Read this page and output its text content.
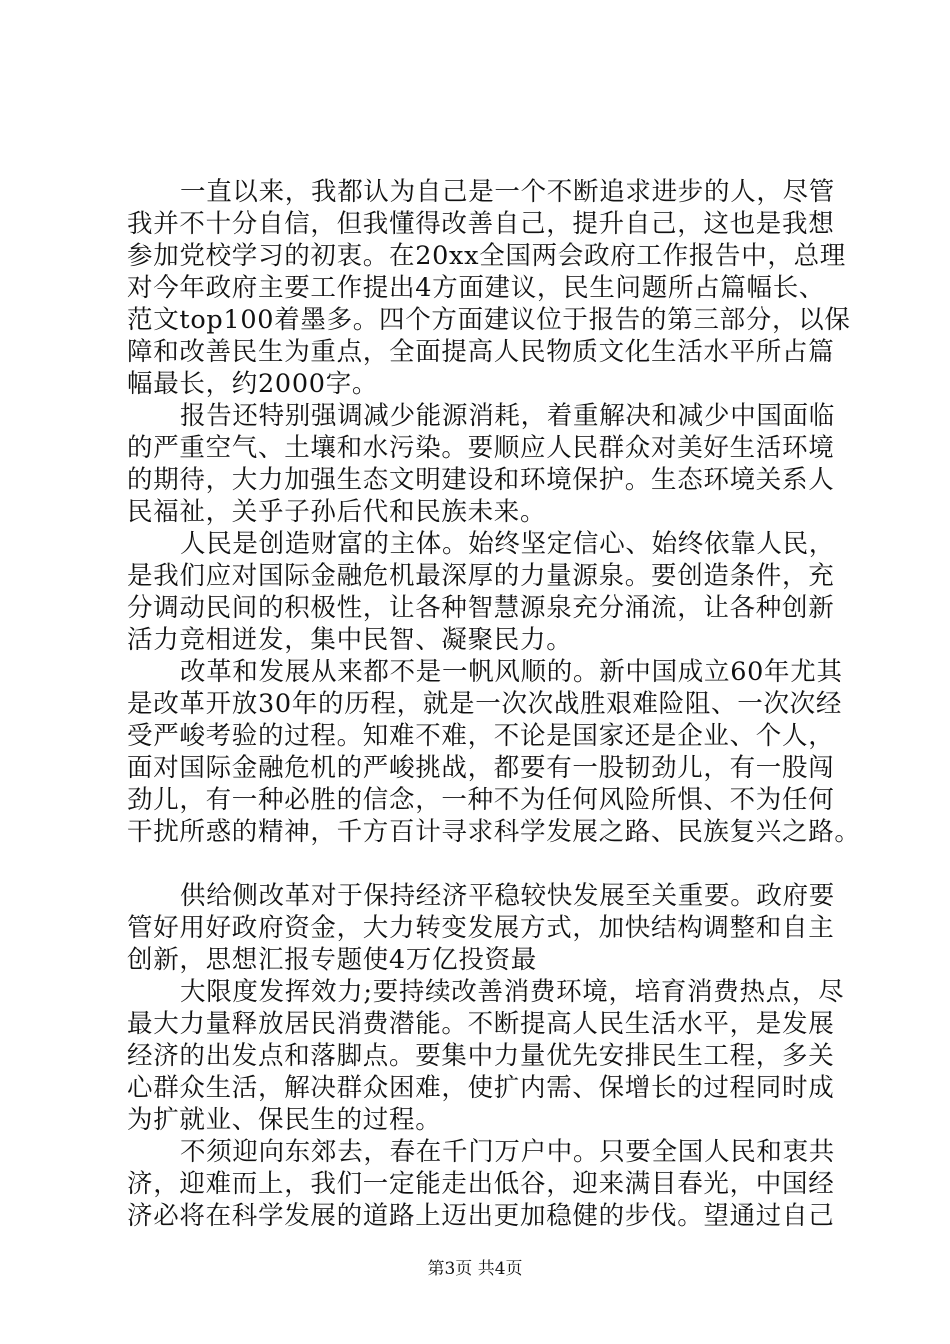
一直以来，我都认为自己是一个不断追求进步的人，尽管
我并不十分自信，但我懂得改善自己，提升自己，这也是我想
参加党校学习的初衷。在20xx全国两会政府工作报告中，总理
对今年政府主要工作提出4方面建议，民生问题所占篇幅长、
范文top100着墨多。四个方面建议位于报告的第三部分，以保
障和改善民生为重点，全面提高人民物质文化生活水平所占篇
幅最长，约2000字。
报告还特别强调减少能源消耗，着重解决和减少中国面临
的严重空气、土壤和水污染。要顺应人民群众对美好生活环境
的期待，大力加强生态文明建设和环境保护。生态环境关系人
民福祉，关乎子孙后代和民族未来。
人民是创造财富的主体。始终坚定信心、始终依靠人民，
是我们应对国际金融危机最深厚的力量源泉。要创造条件，充
分调动民间的积极性，让各种智慧源泉充分涌流，让各种创新
活力竞相迸发，集中民智、凝聚民力。
改革和发展从来都不是一帆风顺的。新中国成立60年尤其
是改革开放30年的历程，就是一次次战胜艰难险阻、一次次经
受严峻考验的过程。知难不难，不论是国家还是企业、个人，
面对国际金融危机的严峻挑战，都要有一股韧劲儿，有一股闯
劲儿，有一种必胜的信念，一种不为任何风险所惧、不为任何
干扰所惑的精神，千方百计寻求科学发展之路、民族复兴之路。
供给侧改革对于保持经济平稳较快发展至关重要。政府要
管好用好政府资金，大力转变发展方式，加快结构调整和自主
创新，思想汇报专题使4万亿投资最
大限度发挥效力;要持续改善消费环境，培育消费热点，尽
最大力量释放居民消费潜能。不断提高人民生活水平，是发展
经济的出发点和落脚点。要集中力量优先安排民生工程，多关
心群众生活，解决群众困难，使扩内需、保增长的过程同时成
为扩就业、保民生的过程。
不须迎向东郊去，春在千门万户中。只要全国人民和衷共
济，迎难而上，我们一定能走出低谷，迎来满目春光，中国经
济必将在科学发展的道路上迈出更加稳健的步伐。望通过自己
第3页 共4页
